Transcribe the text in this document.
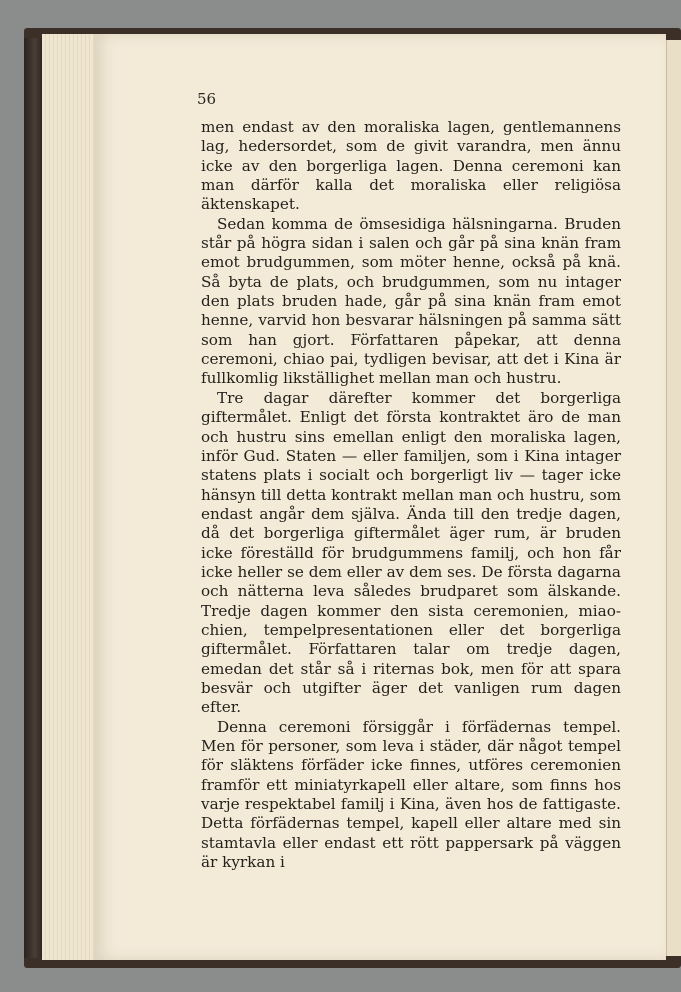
56

men endast av den moraliska lagen, gentlemannens lag, hedersordet, som de givit varandra, men ännu icke av den borgerliga lagen. Denna ceremoni kan man därför kalla det moraliska eller religiösa äktenskapet.

Sedan komma de ömsesidiga hälsningarna. Bruden står på högra sidan i salen och går på sina knän fram emot brudgummen, som möter henne, också på knä. Så byta de plats, och brudgummen, som nu intager den plats bruden hade, går på sina knän fram emot henne, varvid hon besvarar hälsningen på samma sätt som han gjort. Författaren påpekar, att denna ceremoni, chiao pai, tydligen bevisar, att det i Kina är fullkomlig likställighet mellan man och hustru.

Tre dagar därefter kommer det borgerliga giftermålet. Enligt det första kontraktet äro de man och hustru sins emellan enligt den moraliska lagen, inför Gud. Staten — eller familjen, som i Kina intager statens plats i socialt och borgerligt liv — tager icke hänsyn till detta kontrakt mellan man och hustru, som endast angår dem själva. Ända till den tredje dagen, då det borgerliga giftermålet äger rum, är bruden icke föreställd för brudgummens familj, och hon får icke heller se dem eller av dem ses. De första dagarna och nätterna leva således brudparet som älskande. Tredje dagen kommer den sista ceremonien, miao-chien, tempelpresentationen eller det borgerliga giftermålet. Författaren talar om tredje dagen, emedan det står så i riternas bok, men för att spara besvär och utgifter äger det vanligen rum dagen efter.

Denna ceremoni försiggår i förfädernas tempel. Men för personer, som leva i städer, där något tempel för släktens förfäder icke finnes, utföres ceremonien framför ett miniatyrkapell eller altare, som finns hos varje respektabel familj i Kina, även hos de fattigaste. Detta förfädernas tempel, kapell eller altare med sin stamtavla eller endast ett rött pappersark på väggen är kyrkan i
